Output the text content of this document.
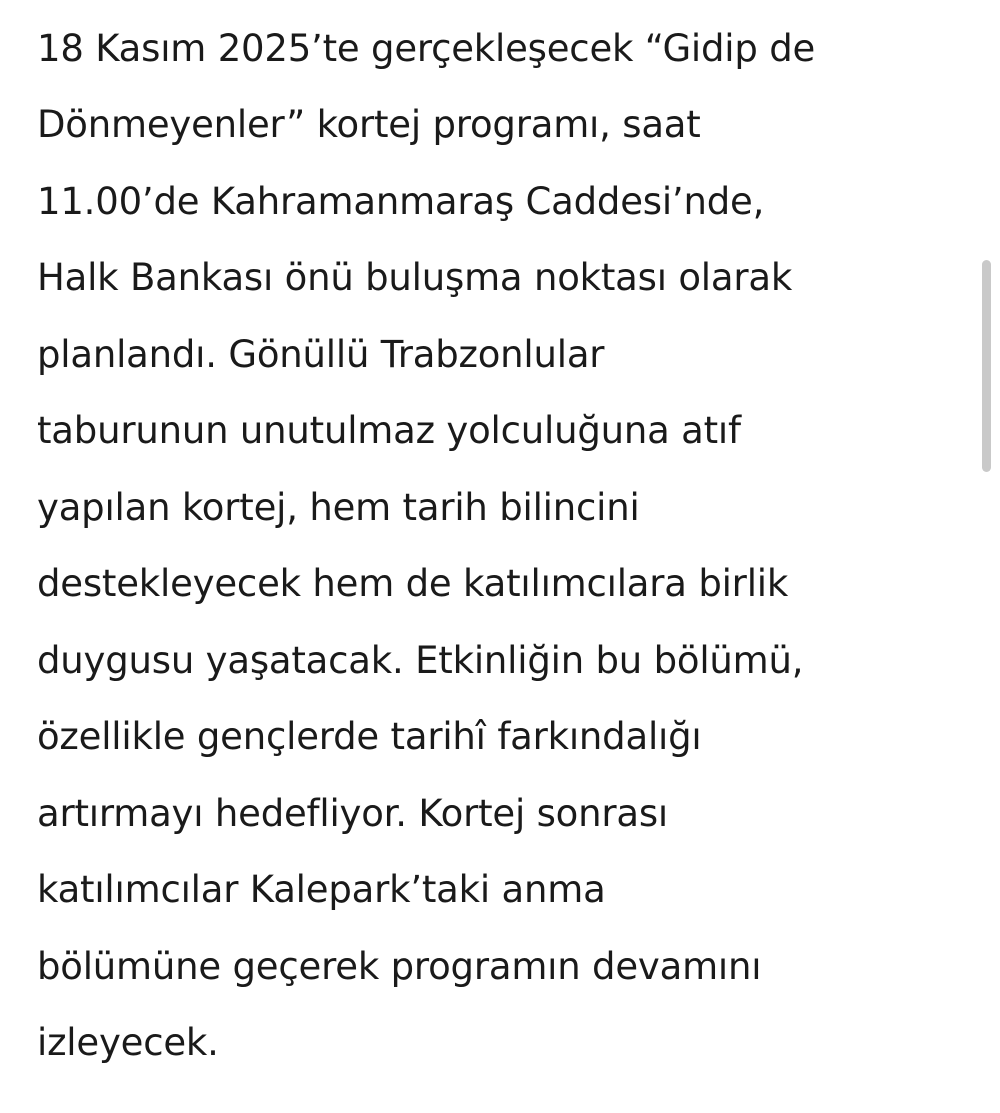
18 Kasım 2025’te gerçekleşecek “Gidip de
Dönmeyenler” kortej programı, saat
11.00’de Kahramanmaraş Caddesi’nde,
Halk Bankası önü buluşma noktası olarak
planlandı. Gönüllü Trabzonlular
taburunun unutulmaz yolculuğuna atıf
yapılan kortej, hem tarih bilincini
destekleyecek hem de katılımcılara birlik
duygusu yaşatacak. Etkinliğin bu bölümü,
özellikle gençlerde tarihî farkındalığı
artırmayı hedefliyor. Kortej sonrası
katılımcılar Kalepark’taki anma
bölümüne geçerek programın devamını
izleyecek.
